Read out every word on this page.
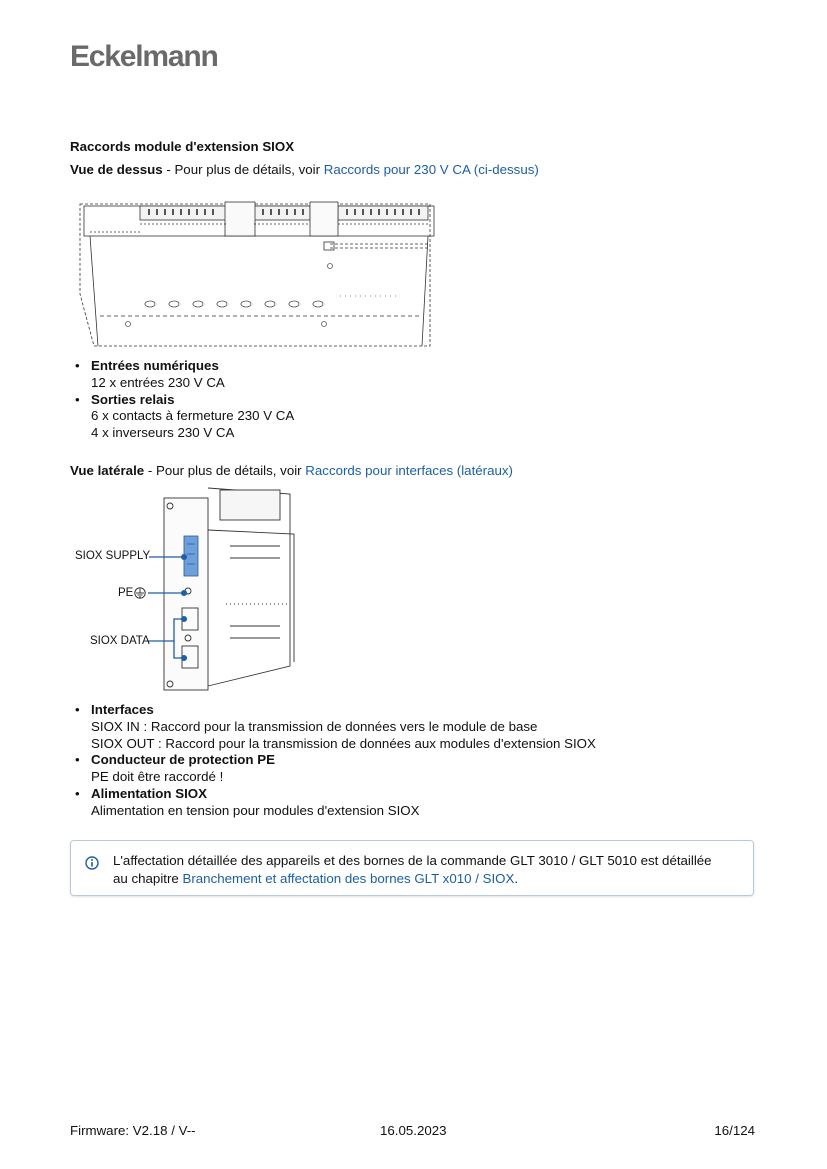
Eckelmann
Raccords module d'extension SIOX
Vue de dessus - Pour plus de détails, voir Raccords pour 230 V CA (ci-dessus)
• Entrées numériques
12 x entrées 230 V CA
• Sorties relais
6 x contacts à fermeture 230 V CA
4 x inverseurs 230 V CA
Vue latérale - Pour plus de détails, voir Raccords pour interfaces (latéraux)
SIOX SUPPLY
PE
SIOX DATA
• Interfaces
SIOX IN : Raccord pour la transmission de données vers le module de base
SIOX OUT : Raccord pour la transmission de données aux modules d'extension SIOX
• Conducteur de protection PE
PE doit être raccordé !
• Alimentation SIOX
Alimentation en tension pour modules d'extension SIOX
L'affectation détaillée des appareils et des bornes de la commande GLT 3010 / GLT 5010 est détaillée
au chapitre Branchement et affectation des bornes GLT x010 / SIOX.
Firmware: V2.18 / V--	16.05.2023	16/124
